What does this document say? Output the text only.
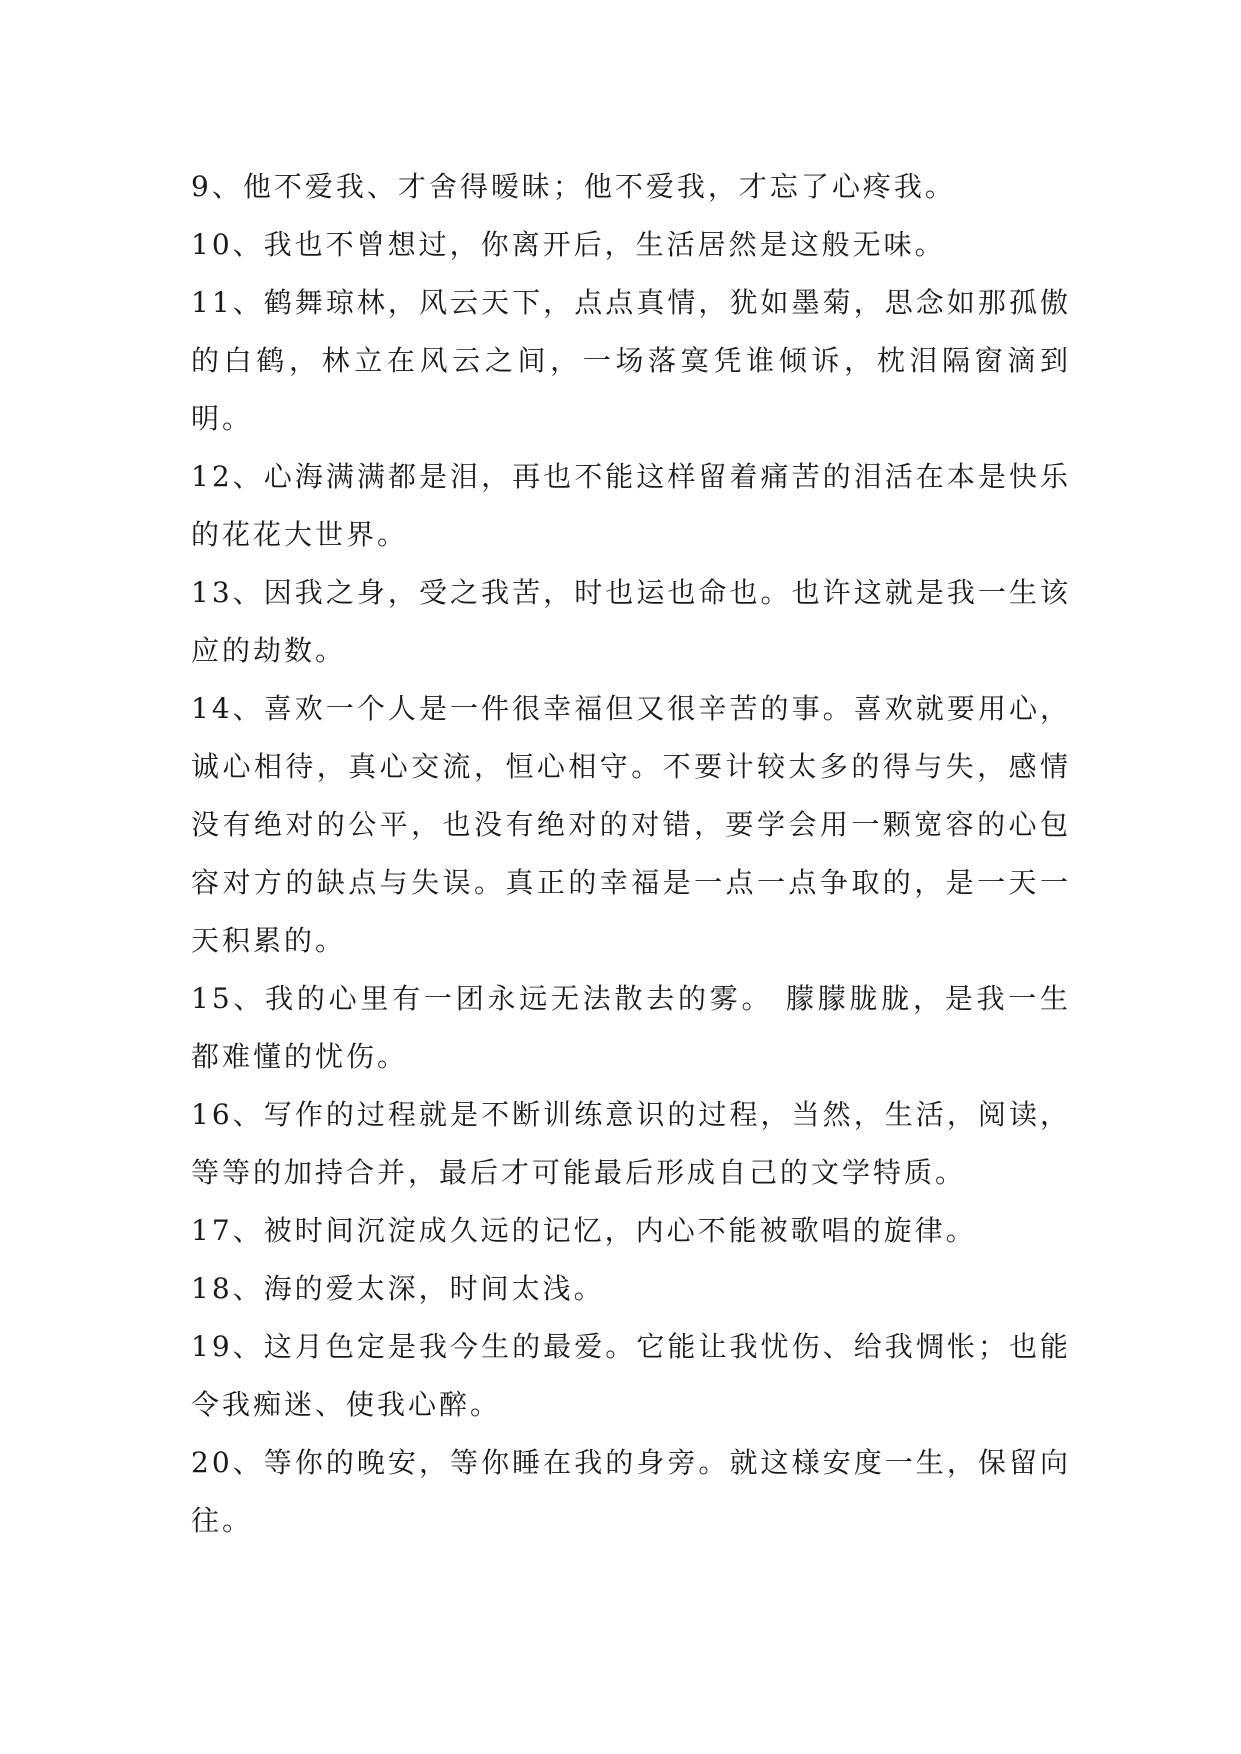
9、他不爱我、才舍得暧昧；他不爱我，才忘了心疼我。

10、我也不曾想过，你离开后，生活居然是这般无味。

11、鹤舞琼林，风云天下，点点真情，犹如墨菊，思念如那孤傲的白鹤，林立在风云之间，一场落寞凭谁倾诉，枕泪隔窗滴到明。

12、心海满满都是泪，再也不能这样留着痛苦的泪活在本是快乐的花花大世界。

13、因我之身，受之我苦，时也运也命也。也许这就是我一生该应的劫数。

14、喜欢一个人是一件很幸福但又很辛苦的事。喜欢就要用心，诚心相待，真心交流，恒心相守。不要计较太多的得与失，感情没有绝对的公平，也没有绝对的对错，要学会用一颗宽容的心包容对方的缺点与失误。真正的幸福是一点一点争取的，是一天一天积累的。

15、我的心里有一团永远无法散去的雾。 朦朦胧胧，是我一生都难懂的忧伤。

16、写作的过程就是不断训练意识的过程，当然，生活，阅读，等等的加持合并，最后才可能最后形成自己的文学特质。

17、被时间沉淀成久远的记忆，内心不能被歌唱的旋律。

18、海的爱太深，时间太浅。

19、这月色定是我今生的最爱。它能让我忧伤、给我惆怅；也能令我痴迷、使我心醉。

20、等你的晚安，等你睡在我的身旁。就这様安度一生，保留向往。
